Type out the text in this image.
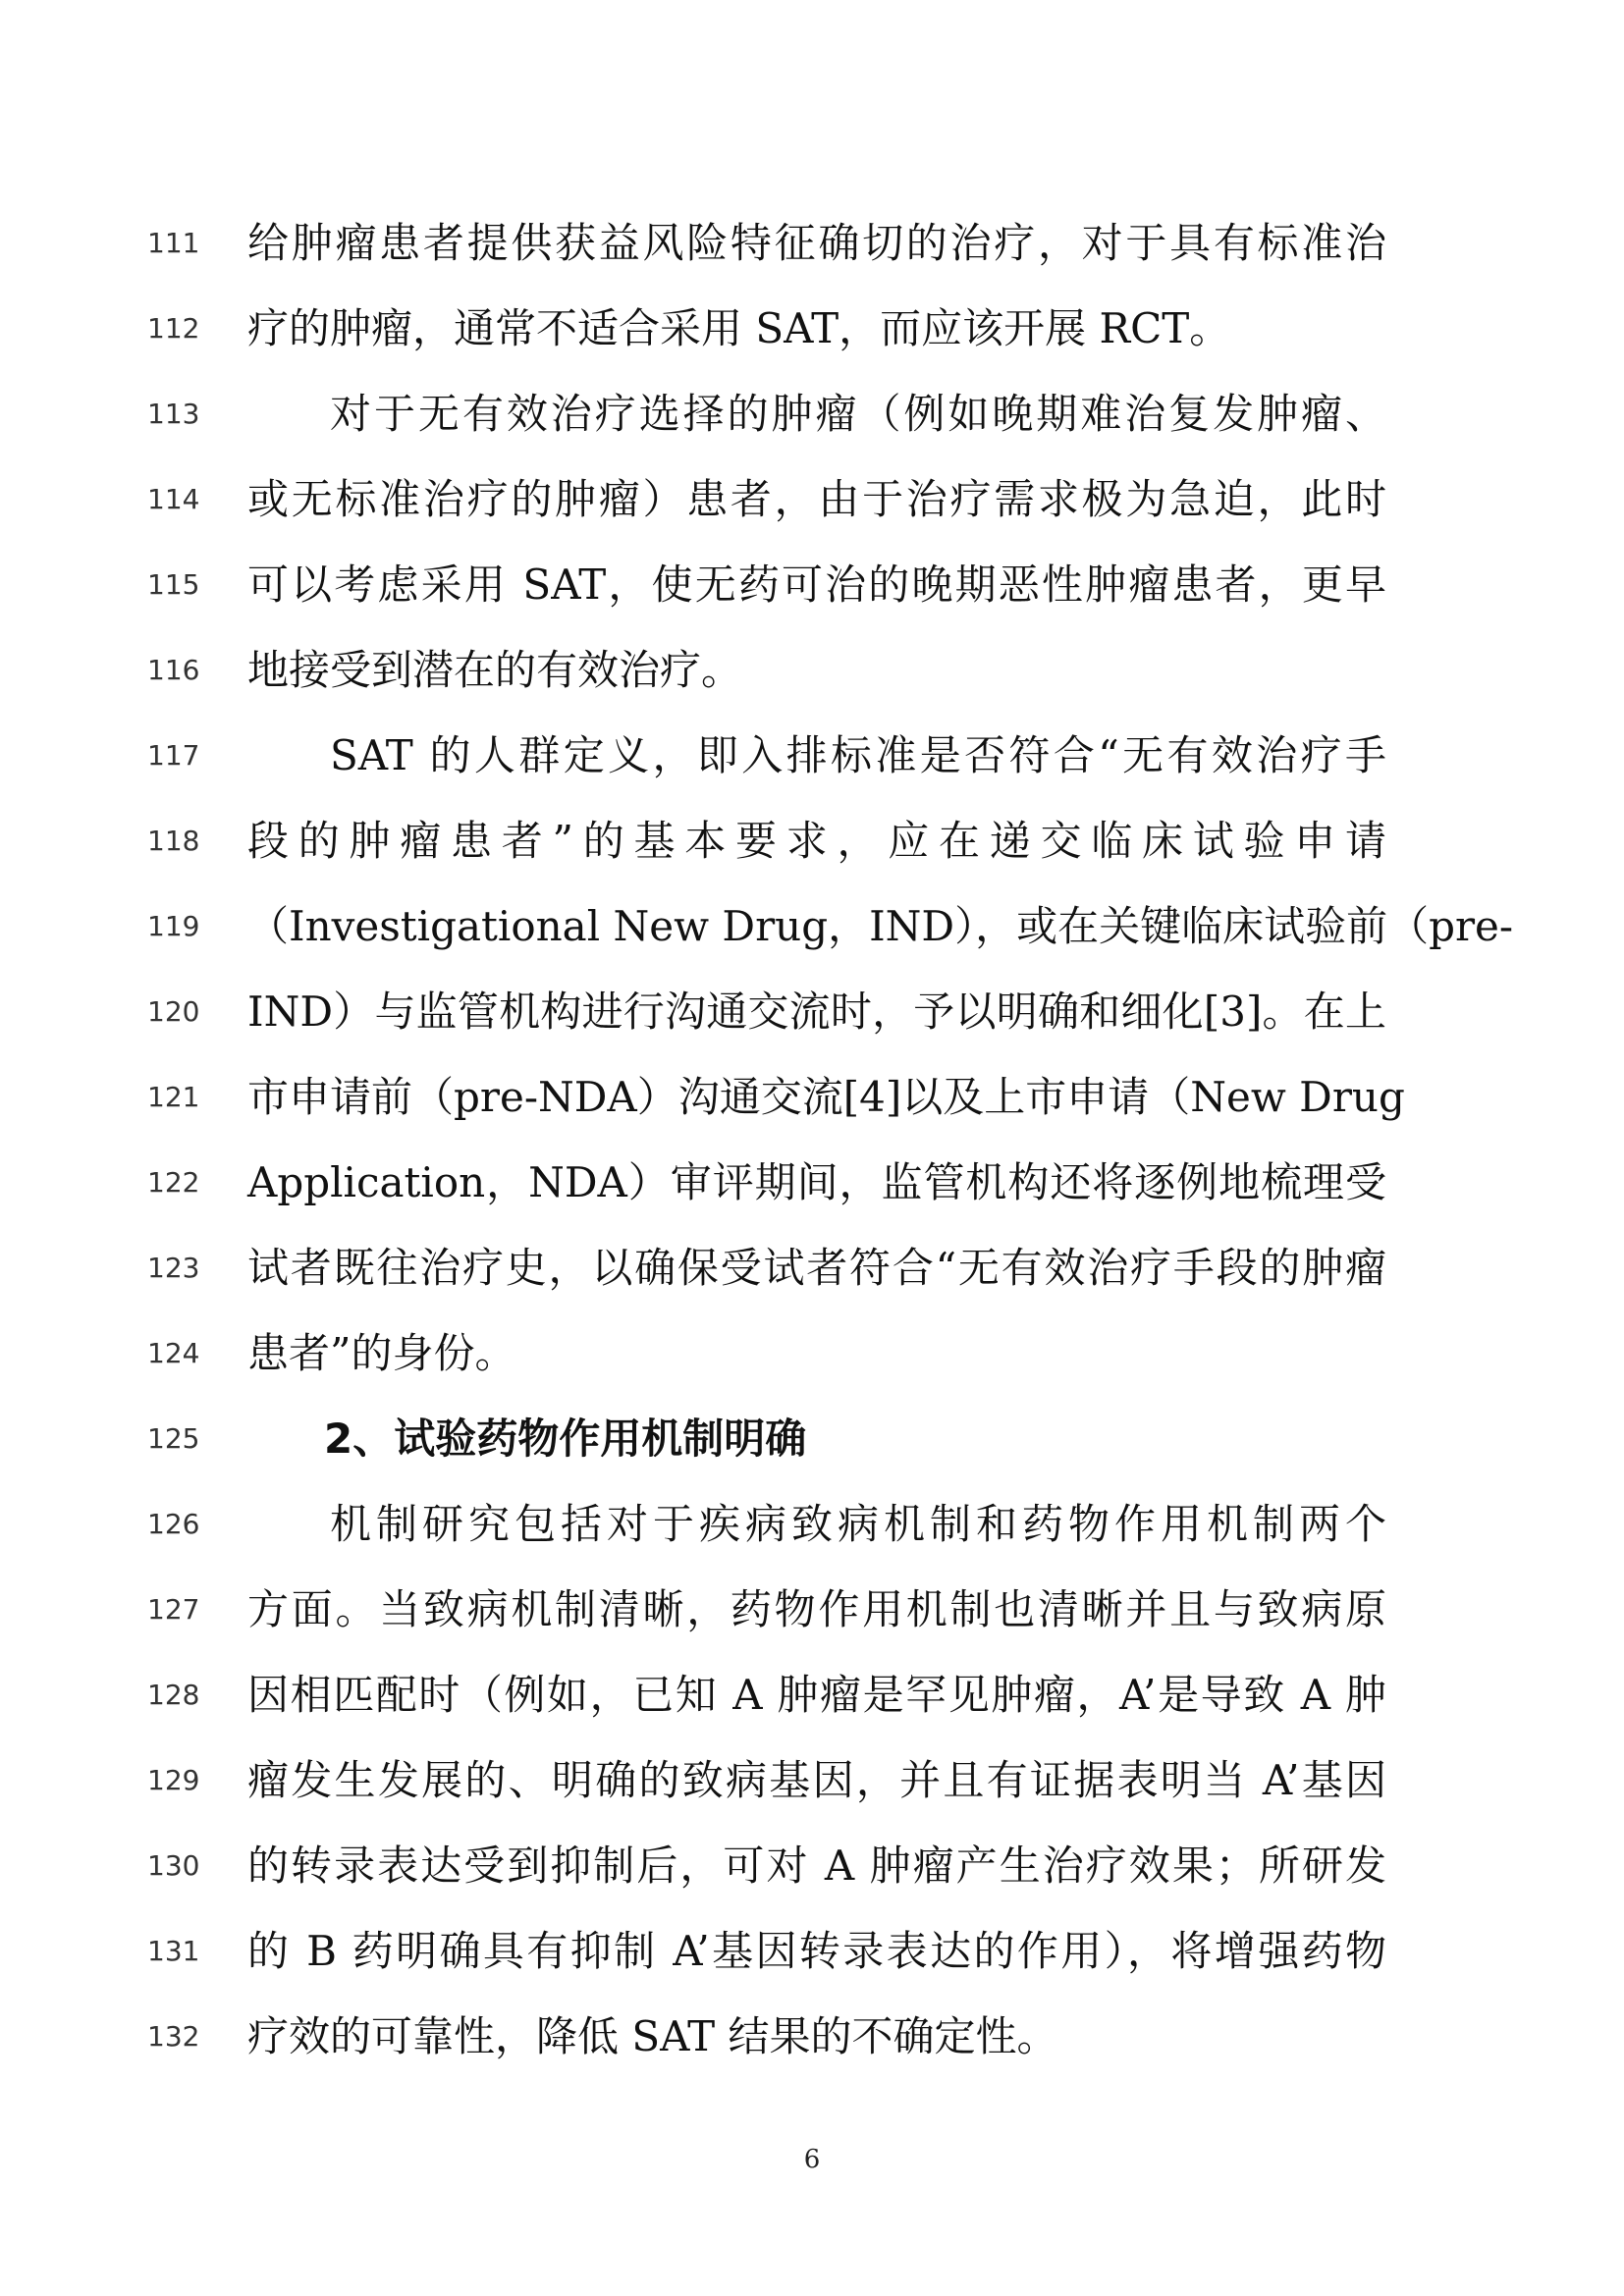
111 给肿瘤患者提供获益风险特征确切的治疗，对于具有标准治
112 疗的肿瘤，通常不适合采用 SAT，而应该开展 RCT。
113	对于无有效治疗选择的肿瘤（例如晚期难治复发肿瘤、
114 或无标准治疗的肿瘤）患者，由于治疗需求极为急迫，此时
115 可以考虑采用 SAT，使无药可治的晚期恶性肿瘤患者，更早
116 地接受到潜在的有效治疗。
117	SAT 的人群定义，即入排标准是否符合“无有效治疗手
118 段的肿瘤患者”的基本要求，应在递交临床试验申请
119 （Investigational New Drug，IND），或在关键临床试验前（pre-
120 IND）与监管机构进行沟通交流时，予以明确和细化[3]。在上
121 市申请前（pre-NDA）沟通交流[4]以及上市申请（New Drug
122 Application，NDA）审评期间，监管机构还将逐例地梳理受
123 试者既往治疗史，以确保受试者符合“无有效治疗手段的肿瘤
124 患者”的身份。
125	2、试验药物作用机制明确
126	机制研究包括对于疾病致病机制和药物作用机制两个
127 方面。当致病机制清晰，药物作用机制也清晰并且与致病原
128 因相匹配时（例如，已知 A 肿瘤是罕见肿瘤，A’是导致 A 肿
129 瘤发生发展的、明确的致病基因，并且有证据表明当 A’基因
130 的转录表达受到抑制后，可对 A 肿瘤产生治疗效果；所研发
131 的 B 药明确具有抑制 A’基因转录表达的作用），将增强药物
132 疗效的可靠性，降低 SAT 结果的不确定性。
6
